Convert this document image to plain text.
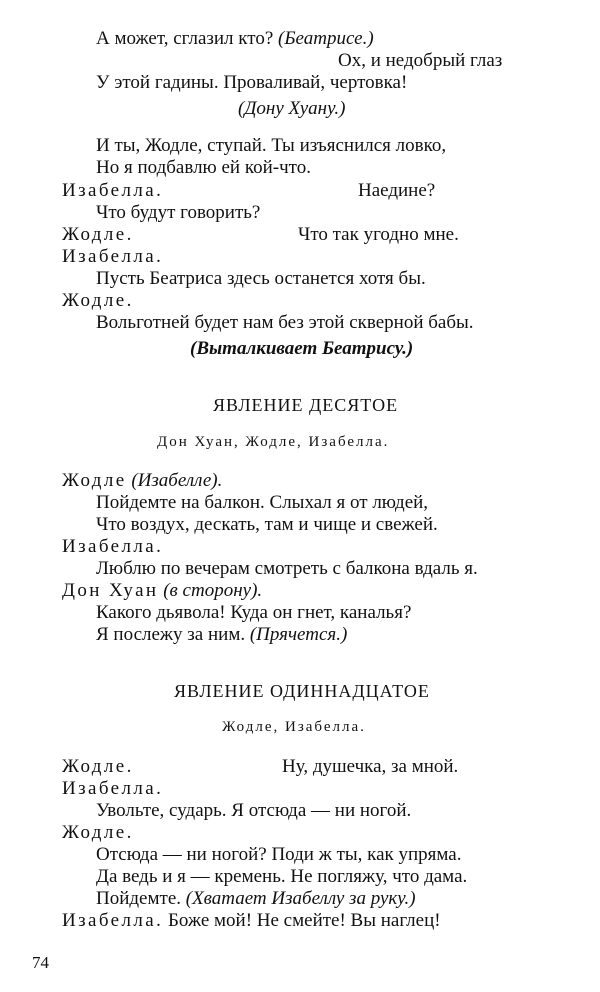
А может, сглазил кто? (Беатрисе.)
Ох, и недобрый глаз
У этой гадины. Проваливай, чертовка!
(Дону Хуану.)
И ты, Жодле, ступай. Ты изъяснился ловко,
Но я подбавлю ей кой-что.
Изабелла.	Наедине?
Что будут говорить?
Жодле.	Что так угодно мне.
Изабелла.
Пусть Беатриса здесь останется хотя бы.
Жодле.
Вольготней будет нам без этой скверной бабы.
(Выталкивает Беатрису.)
ЯВЛЕНИЕ ДЕСЯТОЕ
Дон Хуан, Жодле, Изабелла.
Жодле (Изабелле).
Пойдемте на балкон. Слыхал я от людей,
Что воздух, дескать, там и чище и свежей.
Изабелла.
Люблю по вечерам смотреть с балкона вдаль я.
Дон Хуан (в сторону).
Какого дьявола! Куда он гнет, каналья?
Я послежу за ним. (Прячется.)
ЯВЛЕНИЕ ОДИННАДЦАТОЕ
Жодле, Изабелла.
Жодле.	Ну, душечка, за мной.
Изабелла.
Увольте, сударь. Я отсюда — ни ногой.
Жодле.
Отсюда — ни ногой? Поди ж ты, как упряма.
Да ведь и я — кремень. Не погляжу, что дама.
Пойдемте. (Хватает Изабеллу за руку.)
Изабелла. Боже мой! Не смейте! Вы наглец!
74
